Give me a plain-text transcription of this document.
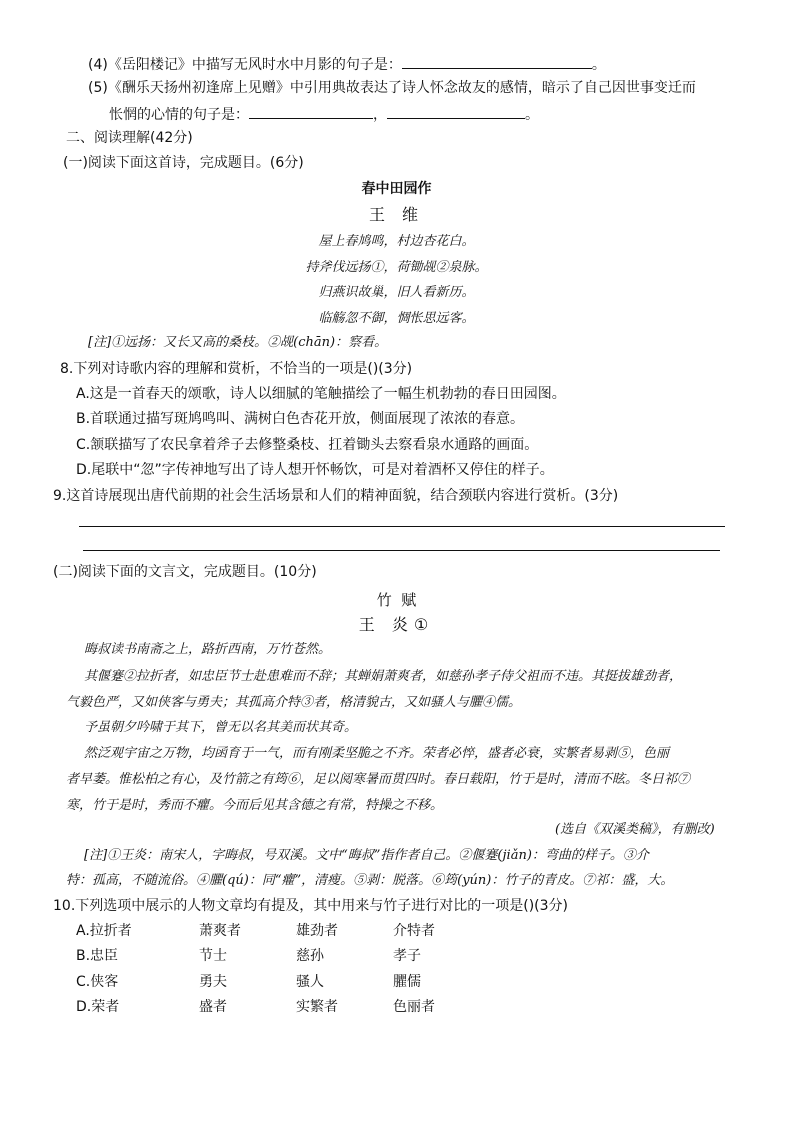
(4)《岳阳楼记》中描写无风时水中月影的句子是：	。
(5)《酬乐天扬州初逢席上见赠》中引用典故表达了诗人怀念故友的感情，暗示了自己因世事变迁而
怅惘的心情的句子是：	，	。
二、阅读理解(42分)
(一)阅读下面这首诗，完成题目。(6分)
春中田园作
王 维
屋上春鸠鸣，村边杏花白。
持斧伐远扬①，荷锄觇②泉脉。
归燕识故巢，旧人看新历。
临觞忽不御，惆怅思远客。
[注]①远扬：又长又高的桑枝。②觇(chān)：察看。
8.下列对诗歌内容的理解和赏析，不恰当的一项是()(3分)
A.这是一首春天的颂歌，诗人以细腻的笔触描绘了一幅生机勃勃的春日田园图。
B.首联通过描写斑鸠鸣叫、满树白色杏花开放，侧面展现了浓浓的春意。
C.颔联描写了农民拿着斧子去修整桑枝、扛着锄头去察看泉水通路的画面。
D.尾联中“忽”字传神地写出了诗人想开怀畅饮，可是对着酒杯又停住的样子。
9.这首诗展现出唐代前期的社会生活场景和人们的精神面貌，结合颈联内容进行赏析。(3分)
(二)阅读下面的文言文，完成题目。(10分)
竹  赋
王 炎①
晦叔读书南斋之上，路折西南，万竹苍然。
其偃蹇②拉折者，如忠臣节士赴患难而不辞；其蝉娟萧爽者，如慈孙孝子侍父祖而不违。其挺拔雄劲者，
气毅色严，又如侠客与勇夫；其孤高介特③者，格清貌古，又如骚人与臞④儒。
予虽朝夕吟啸于其下，曾无以名其美而状其奇。
然泛观宇宙之万物，均函育于一气，而有刚柔坚脆之不齐。荣者必悴，盛者必衰，实繁者易剥⑤，色丽
者早萎。惟松柏之有心，及竹箭之有筠⑥，足以阅寒暑而贯四时。春日载阳，竹于是时，清而不眩。冬日祁⑦
寒，竹于是时，秀而不癯。今而后见其含德之有常，特操之不移。
(选自《双溪类稿》，有删改)
[注]①王炎：南宋人，字晦叔，号双溪。文中“晦叔”指作者自己。②偃蹇(jiǎn)：弯曲的样子。③介
特：孤高，不随流俗。④臞(qú)：同“癯”，清瘦。⑤剥：脱落。⑥筠(yún)：竹子的青皮。⑦祁：盛，大。
10.下列选项中展示的人物文章均有提及，其中用来与竹子进行对比的一项是()(3分)
A.拉折者	萧爽者	雄劲者	介特者
B.忠臣	节士	慈孙	孝子
C.侠客	勇夫	骚人	臞儒
D.荣者	盛者	实繁者	色丽者
